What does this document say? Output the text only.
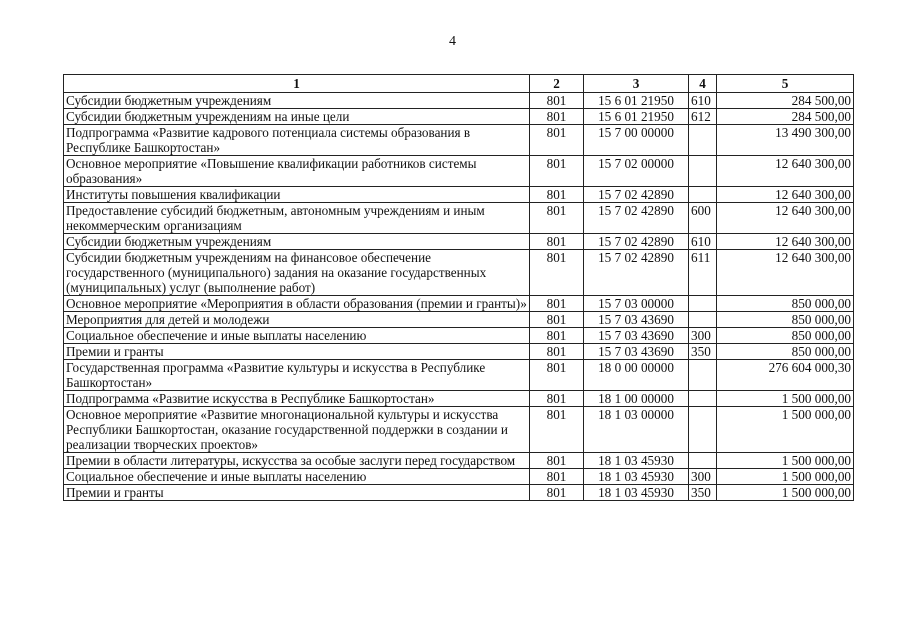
4
1	2	3	4	5
Субсидии бюджетным учреждениям	801	15 6 01 21950	610	284 500,00
Субсидии бюджетным учреждениям на иные цели	801	15 6 01 21950	612	284 500,00
Подпрограмма «Развитие кадрового потенциала системы образования в Республике Башкортостан»	801	15 7 00 00000		13 490 300,00
Основное мероприятие «Повышение квалификации работников системы образования»	801	15 7 02 00000		12 640 300,00
Институты повышения квалификации	801	15 7 02 42890		12 640 300,00
Предоставление субсидий бюджетным, автономным учреждениям и иным некоммерческим организациям	801	15 7 02 42890	600	12 640 300,00
Субсидии бюджетным учреждениям	801	15 7 02 42890	610	12 640 300,00
Субсидии бюджетным учреждениям на финансовое обеспечение государственного (муниципального) задания на оказание государственных (муниципальных) услуг (выполнение работ)	801	15 7 02 42890	611	12 640 300,00
Основное мероприятие «Мероприятия в области образования (премии и гранты)»	801	15 7 03 00000		850 000,00
Мероприятия для детей и молодежи	801	15 7 03 43690		850 000,00
Социальное обеспечение и иные выплаты населению	801	15 7 03 43690	300	850 000,00
Премии и гранты	801	15 7 03 43690	350	850 000,00
Государственная программа «Развитие культуры и искусства в Республике Башкортостан»	801	18 0 00 00000		276 604 000,30
Подпрограмма «Развитие искусства в Республике Башкортостан»	801	18 1 00 00000		1 500 000,00
Основное мероприятие «Развитие многонациональной культуры и искусства Республики Башкортостан, оказание государственной поддержки в создании и реализации творческих проектов»	801	18 1 03 00000		1 500 000,00
Премии в области литературы, искусства за особые заслуги перед государством	801	18 1 03 45930		1 500 000,00
Социальное обеспечение и иные выплаты населению	801	18 1 03 45930	300	1 500 000,00
Премии и гранты	801	18 1 03 45930	350	1 500 000,00
